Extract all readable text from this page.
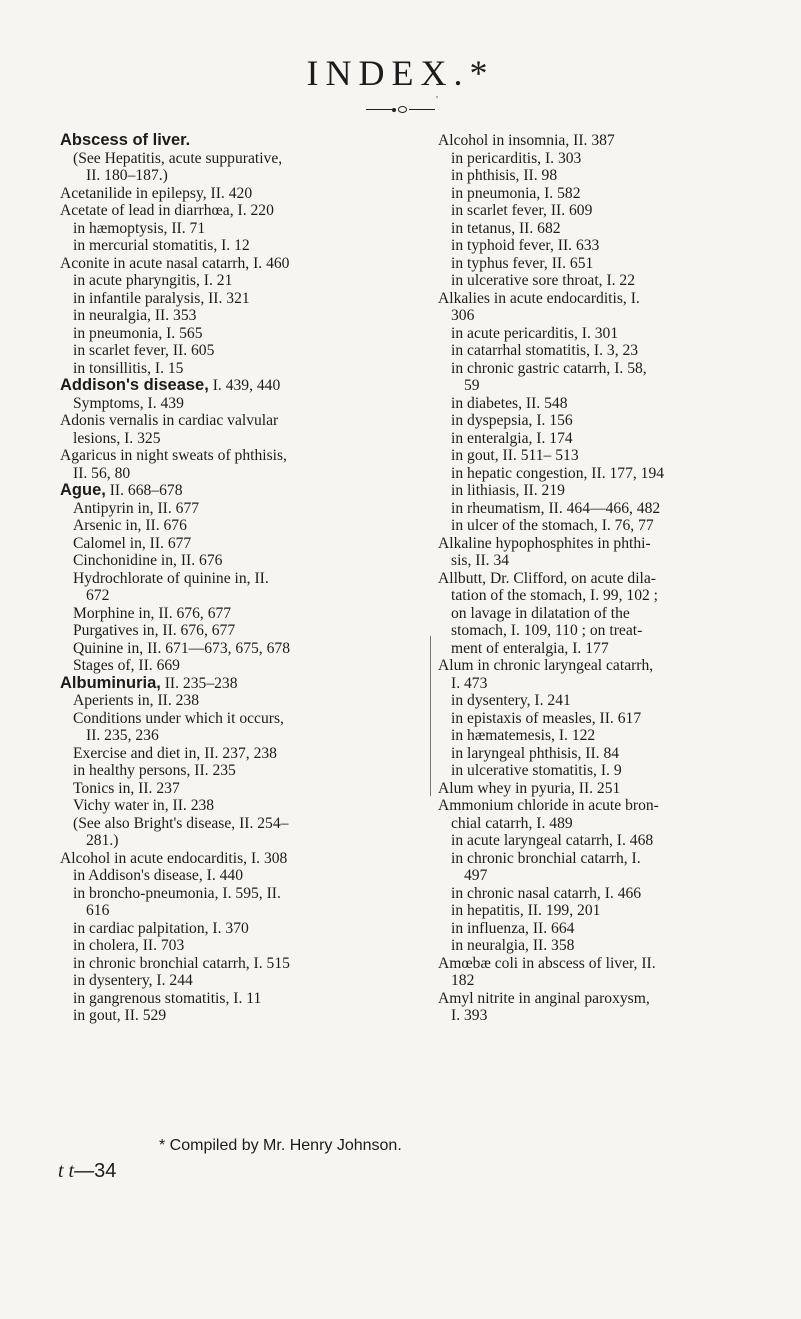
INDEX.*
'
Abscess of liver.
(See Hepatitis, acute suppurative,
II. 180–187.)
Acetanilide in epilepsy, II. 420
Acetate of lead in diarrhœa, I. 220
in hæmoptysis, II. 71
in mercurial stomatitis, I. 12
Aconite in acute nasal catarrh, I. 460
in acute pharyngitis, I. 21
in infantile paralysis, II. 321
in neuralgia, II. 353
in pneumonia, I. 565
in scarlet fever, II. 605
in tonsillitis, I. 15
Addison's disease, I. 439, 440
Symptoms, I. 439
Adonis vernalis in cardiac valvular
lesions, I. 325
Agaricus in night sweats of phthisis,
II. 56, 80
Ague, II. 668–678
Antipyrin in, II. 677
Arsenic in, II. 676
Calomel in, II. 677
Cinchonidine in, II. 676
Hydrochlorate of quinine in, II.
672
Morphine in, II. 676, 677
Purgatives in, II. 676, 677
Quinine in, II. 671—673, 675, 678
Stages of, II. 669
Albuminuria, II. 235–238
Aperients in, II. 238
Conditions under which it occurs,
II. 235, 236
Exercise and diet in, II. 237, 238
in healthy persons, II. 235
Tonics in, II. 237
Vichy water in, II. 238
(See also Bright's disease, II. 254–
281.)
Alcohol in acute endocarditis, I. 308
in Addison's disease, I. 440
in broncho-pneumonia, I. 595, II.
616
in cardiac palpitation, I. 370
in cholera, II. 703
in chronic bronchial catarrh, I. 515
in dysentery, I. 244
in gangrenous stomatitis, I. 11
in gout, II. 529
Alcohol in insomnia, II. 387
in pericarditis, I. 303
in phthisis, II. 98
in pneumonia, I. 582
in scarlet fever, II. 609
in tetanus, II. 682
in typhoid fever, II. 633
in typhus fever, II. 651
in ulcerative sore throat, I. 22
Alkalies in acute endocarditis, I.
306
in acute pericarditis, I. 301
in catarrhal stomatitis, I. 3, 23
in chronic gastric catarrh, I. 58,
59
in diabetes, II. 548
in dyspepsia, I. 156
in enteralgia, I. 174
in gout, II. 511– 513
in hepatic congestion, II. 177, 194
in lithiasis, II. 219
in rheumatism, II. 464—466, 482
in ulcer of the stomach, I. 76, 77
Alkaline hypophosphites in phthi-
sis, II. 34
Allbutt, Dr. Clifford, on acute dila-
tation of the stomach, I. 99, 102 ;
on lavage in dilatation of the
stomach, I. 109, 110 ; on treat-
ment of enteralgia, I. 177
Alum in chronic laryngeal catarrh,
I. 473
in dysentery, I. 241
in epistaxis of measles, II. 617
in hæmatemesis, I. 122
in laryngeal phthisis, II. 84
in ulcerative stomatitis, I. 9
Alum whey in pyuria, II. 251
Ammonium chloride in acute bron-
chial catarrh, I. 489
in acute laryngeal catarrh, I. 468
in chronic bronchial catarrh, I.
497
in chronic nasal catarrh, I. 466
in hepatitis, II. 199, 201
in influenza, II. 664
in neuralgia, II. 358
Amœbæ coli in abscess of liver, II.
182
Amyl nitrite in anginal paroxysm,
I. 393
* Compiled by Mr. Henry Johnson.
t t—34
